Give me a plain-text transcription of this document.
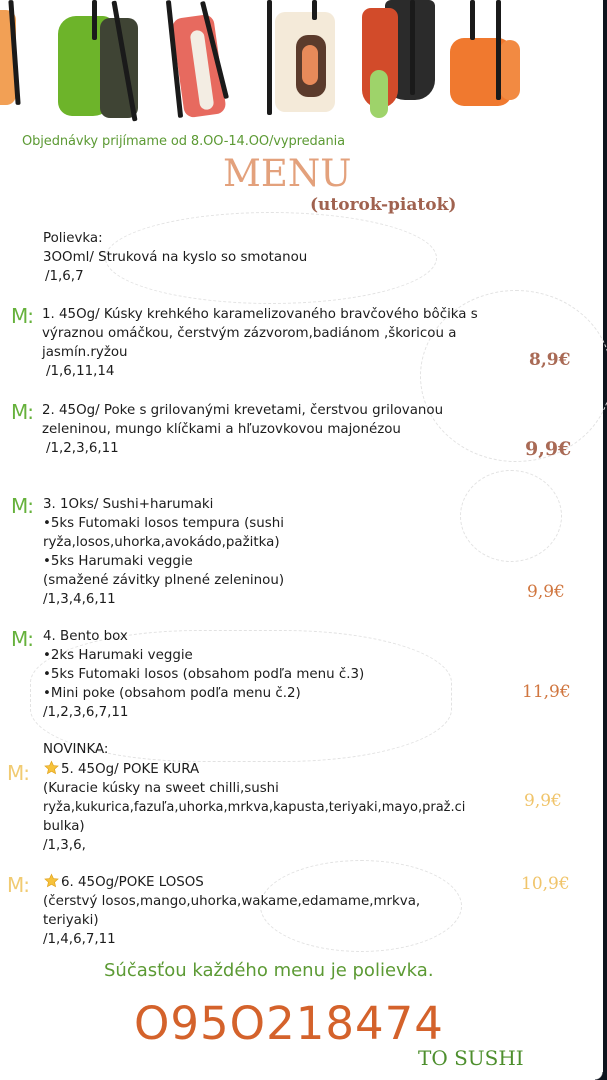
Objednávky prijímame od 8.OO-14.OO/vypredania
MENU
(utorok-piatok)
Polievka:
3OOml/ Struková na kyslo so smotanou
/1,6,7
M: 1. 45Og/ Kúsky krehkého karamelizovaného bravčového bôčika s
výraznou omáčkou, čerstvým zázvorom,badiánom ,škoricou a
jasmín.ryžou
/1,6,11,14
8,9€
M: 2. 45Og/ Poke s grilovanými krevetami, čerstvou grilovanou
zeleninou, mungo klíčkami a hľuzovkovou majonézou
/1,2,3,6,11	9,9€
M: 3. 1Oks/ Sushi+harumaki
•5ks Futomaki losos tempura (sushi
ryža,losos,uhorka,avokádo,pažitka)
•5ks Harumaki veggie
(smažené závitky plnené zeleninou)
/1,3,4,6,11	9,9€
M: 4. Bento box
•2ks Harumaki veggie
•5ks Futomaki losos (obsahom podľa menu č.3)
•Mini poke (obsahom podľa menu č.2)
/1,2,3,6,7,11
11,9€
NOVINKA:
M:	5. 45Og/ POKE KURA
(Kuracie kúsky na sweet chilli,sushi
ryža,kukurica,fazuľa,uhorka,mrkva,kapusta,teriyaki,mayo,praž.ci
bulka)
/1,3,6,
9,9€
M:	6. 45Og/POKE LOSOS
(čerstvý losos,mango,uhorka,wakame,edamame,mrkva,
teriyaki)
/1,4,6,7,11
10,9€
Súčasťou každého menu je polievka.
O95O218474
TO SUSHI
